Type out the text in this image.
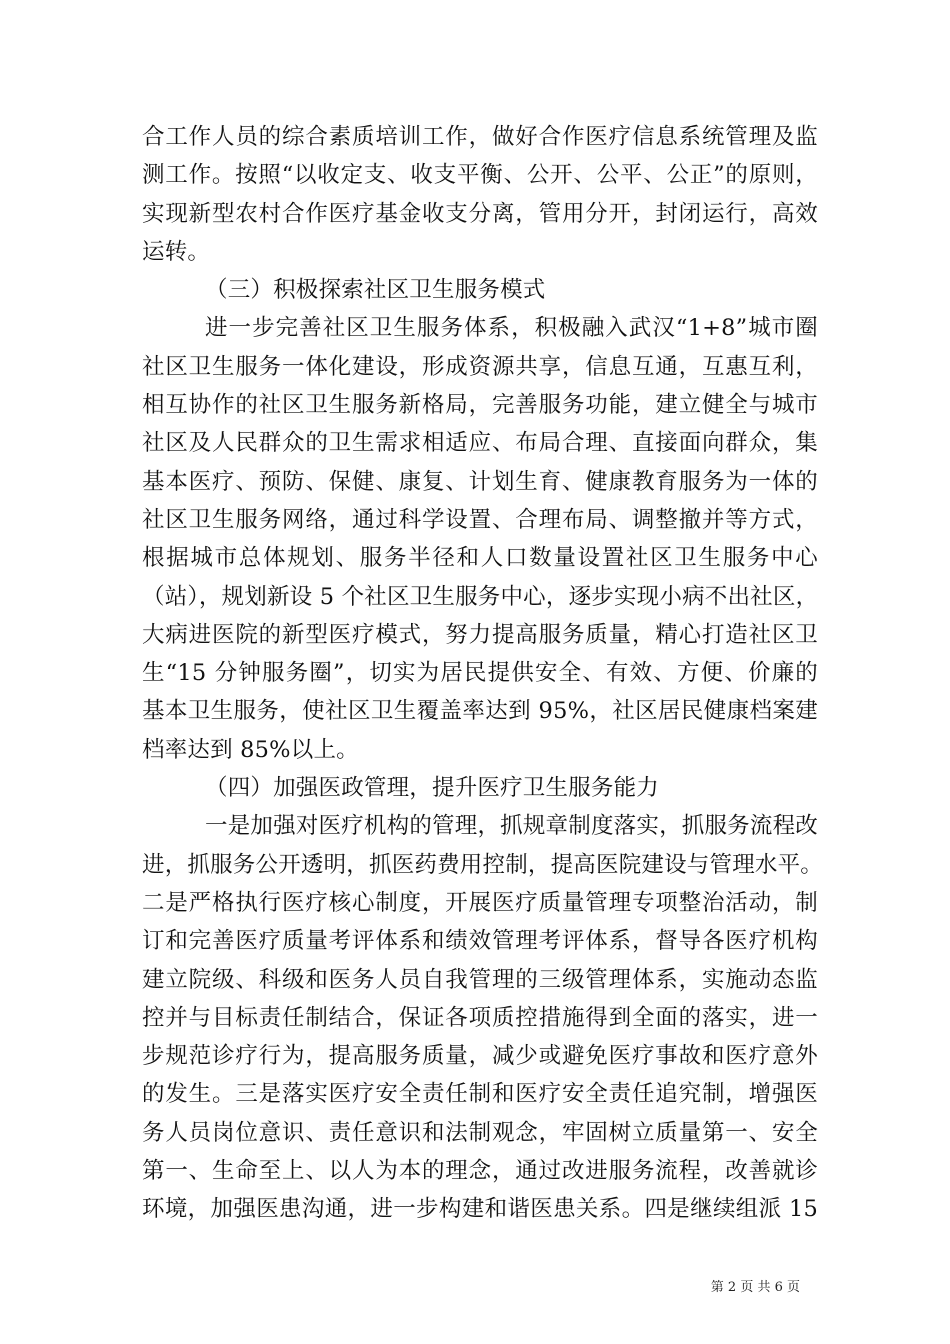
合工作人员的综合素质培训工作，做好合作医疗信息系统管理及监
测工作。按照“以收定支、收支平衡、公开、公平、公正”的原则，
实现新型农村合作医疗基金收支分离，管用分开，封闭运行，高效
运转。
（三）积极探索社区卫生服务模式
进一步完善社区卫生服务体系，积极融入武汉“1+8”城市圈
社区卫生服务一体化建设，形成资源共享，信息互通，互惠互利，
相互协作的社区卫生服务新格局，完善服务功能，建立健全与城市
社区及人民群众的卫生需求相适应、布局合理、直接面向群众，集
基本医疗、预防、保健、康复、计划生育、健康教育服务为一体的
社区卫生服务网络，通过科学设置、合理布局、调整撤并等方式，
根据城市总体规划、服务半径和人口数量设置社区卫生服务中心
（站），规划新设 5 个社区卫生服务中心，逐步实现小病不出社区，
大病进医院的新型医疗模式，努力提高服务质量，精心打造社区卫
生“15 分钟服务圈”，切实为居民提供安全、有效、方便、价廉的
基本卫生服务，使社区卫生覆盖率达到 95%，社区居民健康档案建
档率达到 85%以上。
（四）加强医政管理，提升医疗卫生服务能力
一是加强对医疗机构的管理，抓规章制度落实，抓服务流程改
进，抓服务公开透明，抓医药费用控制，提高医院建设与管理水平。
二是严格执行医疗核心制度，开展医疗质量管理专项整治活动，制
订和完善医疗质量考评体系和绩效管理考评体系，督导各医疗机构
建立院级、科级和医务人员自我管理的三级管理体系，实施动态监
控并与目标责任制结合，保证各项质控措施得到全面的落实，进一
步规范诊疗行为，提高服务质量，减少或避免医疗事故和医疗意外
的发生。三是落实医疗安全责任制和医疗安全责任追究制，增强医
务人员岗位意识、责任意识和法制观念，牢固树立质量第一、安全
第一、生命至上、以人为本的理念，通过改进服务流程，改善就诊
环境，加强医患沟通，进一步构建和谐医患关系。四是继续组派 15
第 2 页 共 6 页
